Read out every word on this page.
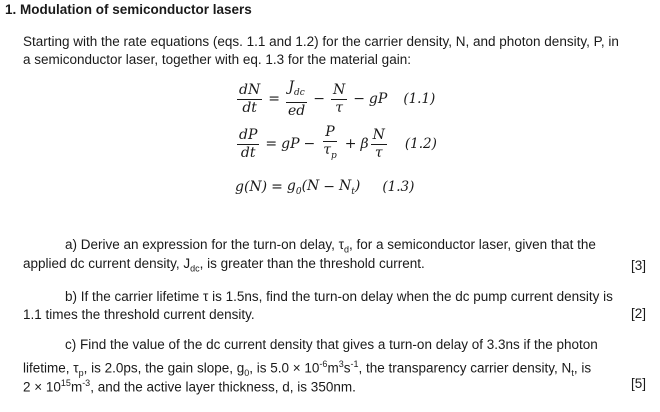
1. Modulation of semiconductor lasers
Starting with the rate equations (eqs. 1.1 and 1.2) for the carrier density, N, and photon density, P, in
a semiconductor laser, together with eq. 1.3 for the material gain:
$\frac{dN}{dt} = \frac{J_{dc}}{ed} - \frac{N}{\tau}$ − gP (1.1)
$\frac{dP}{dt}$ = gP − $\frac{P}{\tau_p} + \beta \frac{N}{\tau} (1.2)$
$g(N) = g_0(N - N_t)$ (1.3)
a) Derive an expression for the turn-on delay, $\tau_d$, for a semiconductor laser, given that the
applied dc current density, $J_{dc}$, is greater than the threshold current.	[3]
b) If the carrier lifetime τ is 1.5ns, find the turn-on delay when the dc pump current density is
1.1 times the threshold current density.	[2]
c) Find the value of the dc current density that gives a turn-on delay of 3.3ns if the photon
lifetime, $\tau_p$, is 2.0ps, the gain slope, $g_0$, is $5.0 \times 10^{-6}m^3s^{-1}$, the transparency carrier density, $N_t$, is
$2 \times 10^{15}m^{-3}$, and the active layer thickness, d, is 350nm.	[5]
